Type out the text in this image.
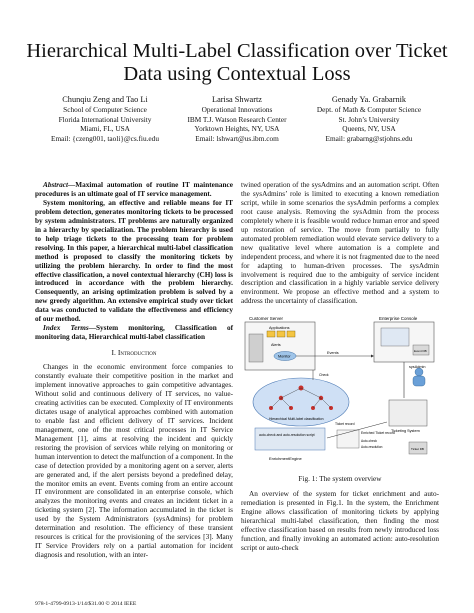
Hierarchical Multi-Label Classification over Ticket Data using Contextual Loss
Chunqiu Zeng and Tao Li
School of Computer Science
Florida International University
Miami, FL, USA
Email: {czeng001, taoli}@cs.fiu.edu
Larisa Shwartz
Operational Innovations
IBM T.J. Watson Research Center
Yorktown Heights, NY, USA
Email: lshwart@us.ibm.com
Genady Ya. Grabarnik
Dept. of Math & Computer Science
St. John’s University
Queens, NY, USA
Email: grabarng@stjohns.edu

Abstract—Maximal automation of routine IT maintenance procedures is an ultimate goal of IT service management.

System monitoring, an effective and reliable means for IT problem detection, generates monitoring tickets to be processed by system administrators. IT problems are naturally organized in a hierarchy by specialization. The problem hierarchy is used to help triage tickets to the processing team for problem resolving. In this paper, a hierarchical multi-label classification method is proposed to classify the monitoring tickets by utilizing the problem hierarchy. In order to find the most effective classification, a novel contextual hierarchy (CH) loss is introduced in accordance with the problem hierarchy. Consequently, an arising optimization problem is solved by a new greedy algorithm. An extensive empirical study over ticket data was conducted to validate the effectiveness and efficiency of our method.

Index Terms—System monitoring, Classification of monitoring data, Hierarchical multi-label classification

I. Introduction

Changes in the economic environment force companies to constantly evaluate their competitive position in the market and implement innovative approaches to gain competitive advantages. Without solid and continuous delivery of IT services, no value-creating activities can be executed. Complexity of IT environments dictates usage of analytical approaches combined with automation to enable fast and efficient delivery of IT services. Incident management, one of the most critical processes in IT Service Management [1], aims at resolving the incident and quickly restoring the provision of services while relying on monitoring or human intervention to detect the malfunction of a component. In the case of detection provided by a monitoring agent on a server, alerts are generated and, if the alert persists beyond a predefined delay, the monitor emits an event. Events coming from an entire account IT environment are consolidated in an enterprise console, which analyzes the monitoring events and creates an incident ticket in a ticketing system [2]. The information accumulated in the ticket is used by the System Administrators (sysAdmins) for problem determination and resolution. The efficiency of these transient resources is critical for the provisioning of the services [3]. Many IT Service Providers rely on a partial automation for incident diagnosis and resolution, with an inter-

twined operation of the sysAdmins and an automation script. Often the sysAdmins’ role is limited to executing a known remediation script, while in some scenarios the sysAdmin performs a complex root cause analysis. Removing the sysAdmin from the process completely where it is feasible would reduce human error and speed up restoration of service. The move from partially to fully automated problem remediation would elevate service delivery to a new qualitative level where automation is a complete and independent process, and where it is not fragmented due to the need for adapting to human-driven processes. The sysAdmin involvement is required due to the ambiguity of service incident description and classification in a highly variable service delivery environment. We propose an effective method and a system to address the uncertainty of classification.

Customer Server
Applications
Alerts
Monitor
Events
Enterprise Console
Event DB
sysAdmin
Ticketing System
Ticket DB
Hierarchical Multi-label classification
Check
auto-check and auto-resolution script
EnrichmentEngine
Ticket record
Enriched Ticket record
Auto-check
Auto-resolution
Fig. 1: The system overview

An overview of the system for ticket enrichment and auto-remediation is presented in Fig.1. In the system, the Enrichment Engine allows classification of monitoring tickets by applying hierarchical multi-label classification, then finding the most effective classification based on results from newly introduced loss function, and finally invoking an automated action: auto-resolution script or auto-check

978-1-4799-0913-1/14/$31.00 © 2014 IEEE
